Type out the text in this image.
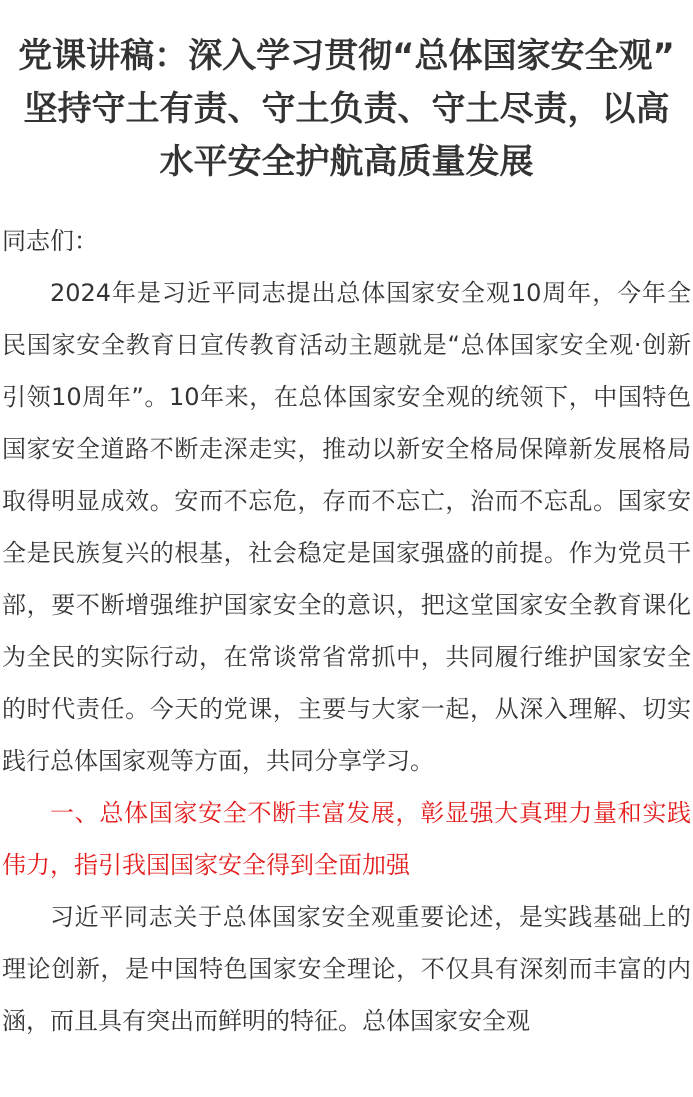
党课讲稿：深入学习贯彻“总体国家安全观”
坚持守土有责、守土负责、守土尽责，以高
水平安全护航高质量发展

同志们：

2024年是习近平同志提出总体国家安全观10周年，今年全民国家安全教育日宣传教育活动主题就是“总体国家安全观·创新引领10周年”。10年来，在总体国家安全观的统领下，中国特色国家安全道路不断走深走实，推动以新安全格局保障新发展格局取得明显成效。安而不忘危，存而不忘亡，治而不忘乱。国家安全是民族复兴的根基，社会稳定是国家强盛的前提。作为党员干部，要不断增强维护国家安全的意识，把这堂国家安全教育课化为全民的实际行动，在常谈常省常抓中，共同履行维护国家安全的时代责任。今天的党课，主要与大家一起，从深入理解、切实践行总体国家观等方面，共同分享学习。

一、总体国家安全不断丰富发展，彰显强大真理力量和实践伟力，指引我国国家安全得到全面加强

习近平同志关于总体国家安全观重要论述，是实践基础上的理论创新，是中国特色国家安全理论，不仅具有深刻而丰富的内涵，而且具有突出而鲜明的特征。总体国家安全观
